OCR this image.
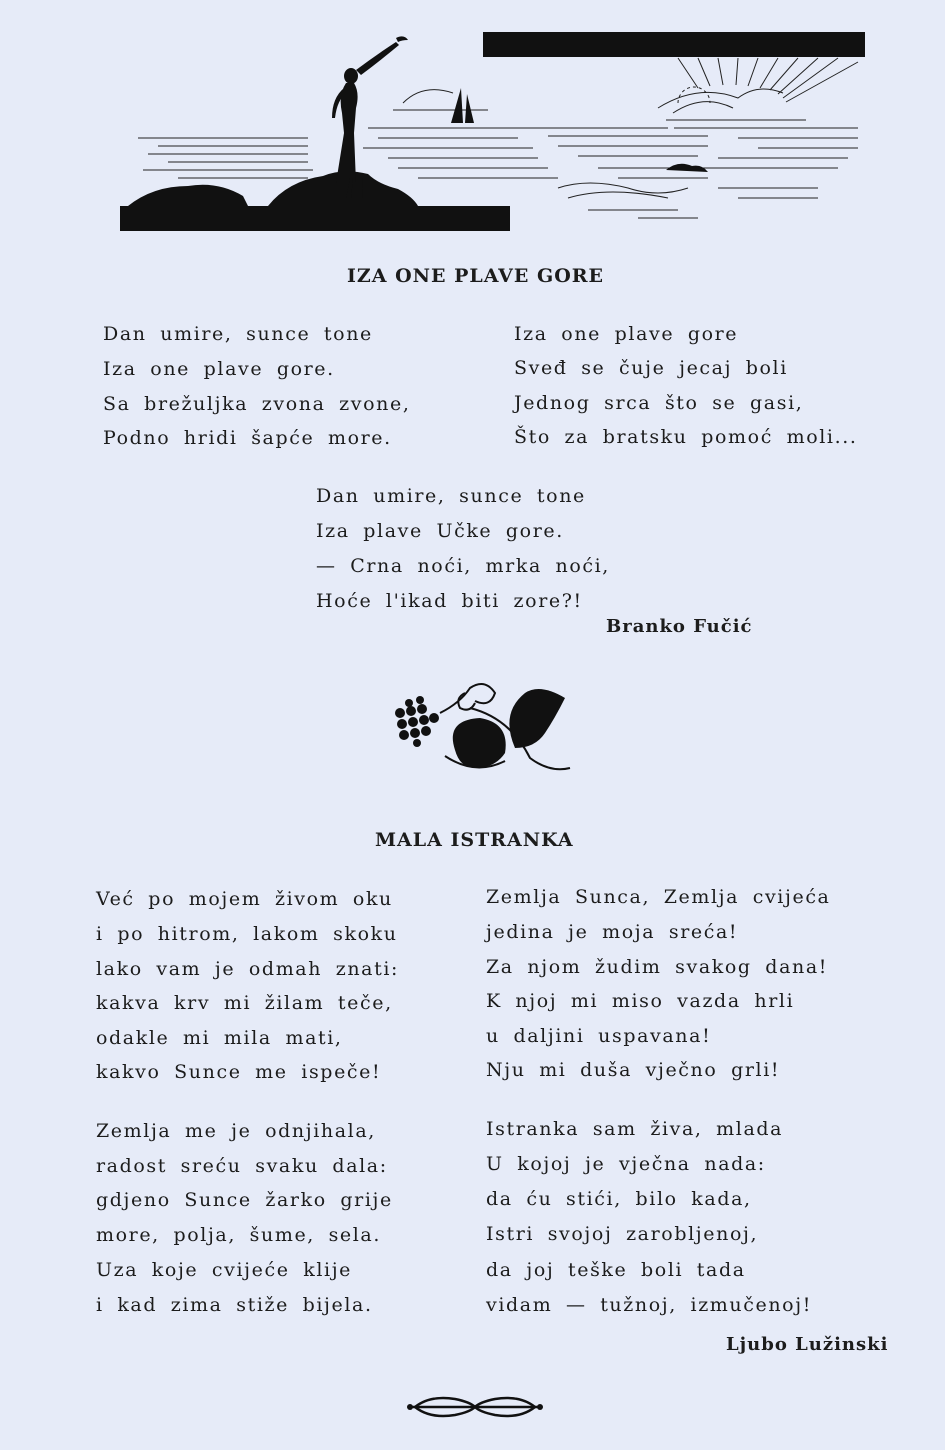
IZA ONE PLAVE GORE
Dan umire, sunce tone
Iza one plave gore.
Sa brežuljka zvona zvone,
Podno hridi šapće more.
Iza one plave gore
Sveđ se čuje jecaj boli
Jednog srca što se gasi,
Što za bratsku pomoć moli...
Dan umire, sunce tone
Iza plave Učke gore.
— Crna noći, mrka noći,
Hoće l'ikad biti zore?!
Branko Fučić
MALA ISTRANKA
Već po mojem živom oku
i po hitrom, lakom skoku
lako vam je odmah znati:
kakva krv mi žilam teče,
odakle mi mila mati,
kakvo Sunce me ispeče!
Zemlja Sunca, Zemlja cvijeća
jedina je moja sreća!
Za njom žudim svakog dana!
K njoj mi miso vazda hrli
u daljini uspavana!
Nju mi duša vječno grli!
Zemlja me je odnjihala,
radost sreću svaku dala:
gdjeno Sunce žarko grije
more, polja, šume, sela.
Uza koje cvijeće klije
i kad zima stiže bijela.
Istranka sam živa, mlada
U kojoj je vječna nada:
da ću stići, bilo kada,
Istri svojoj zarobljenoj,
da joj teške boli tada
vidam — tužnoj, izmučenoj!
Ljubo Lužinski
